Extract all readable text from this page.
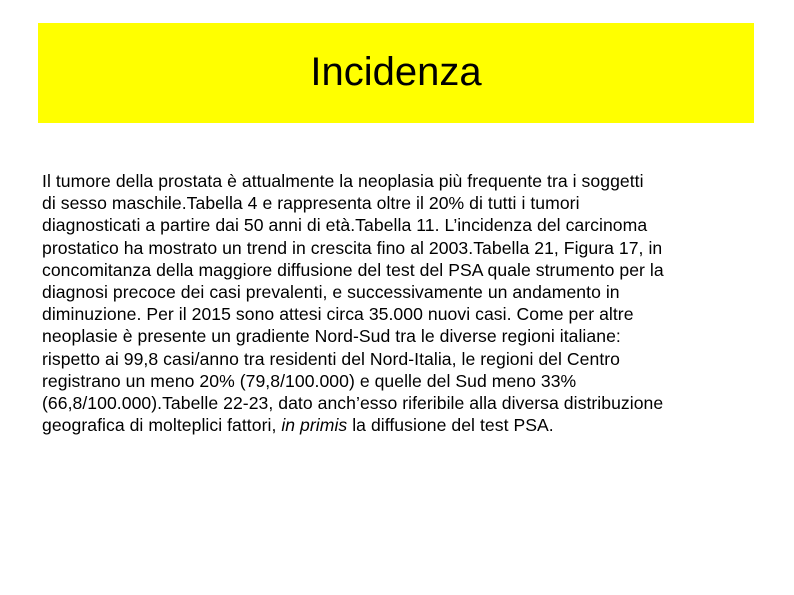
Incidenza
Il tumore della prostata è attualmente la neoplasia più frequente tra i soggetti
di sesso maschile.Tabella 4 e rappresenta oltre il 20% di tutti i tumori
diagnosticati a partire dai 50 anni di età.Tabella 11. L’incidenza del carcinoma
prostatico ha mostrato un trend in crescita fino al 2003.Tabella 21, Figura 17, in
concomitanza della maggiore diffusione del test del PSA quale strumento per la
diagnosi precoce dei casi prevalenti, e successivamente un andamento in
diminuzione. Per il 2015 sono attesi circa 35.000 nuovi casi. Come per altre
neoplasie è presente un gradiente Nord-Sud tra le diverse regioni italiane:
rispetto ai 99,8 casi/anno tra residenti del Nord-Italia, le regioni del Centro
registrano un meno 20% (79,8/100.000) e quelle del Sud meno 33%
(66,8/100.000).Tabelle 22-23, dato anch’esso riferibile alla diversa distribuzione
geografica di molteplici fattori, in primis la diffusione del test PSA.
